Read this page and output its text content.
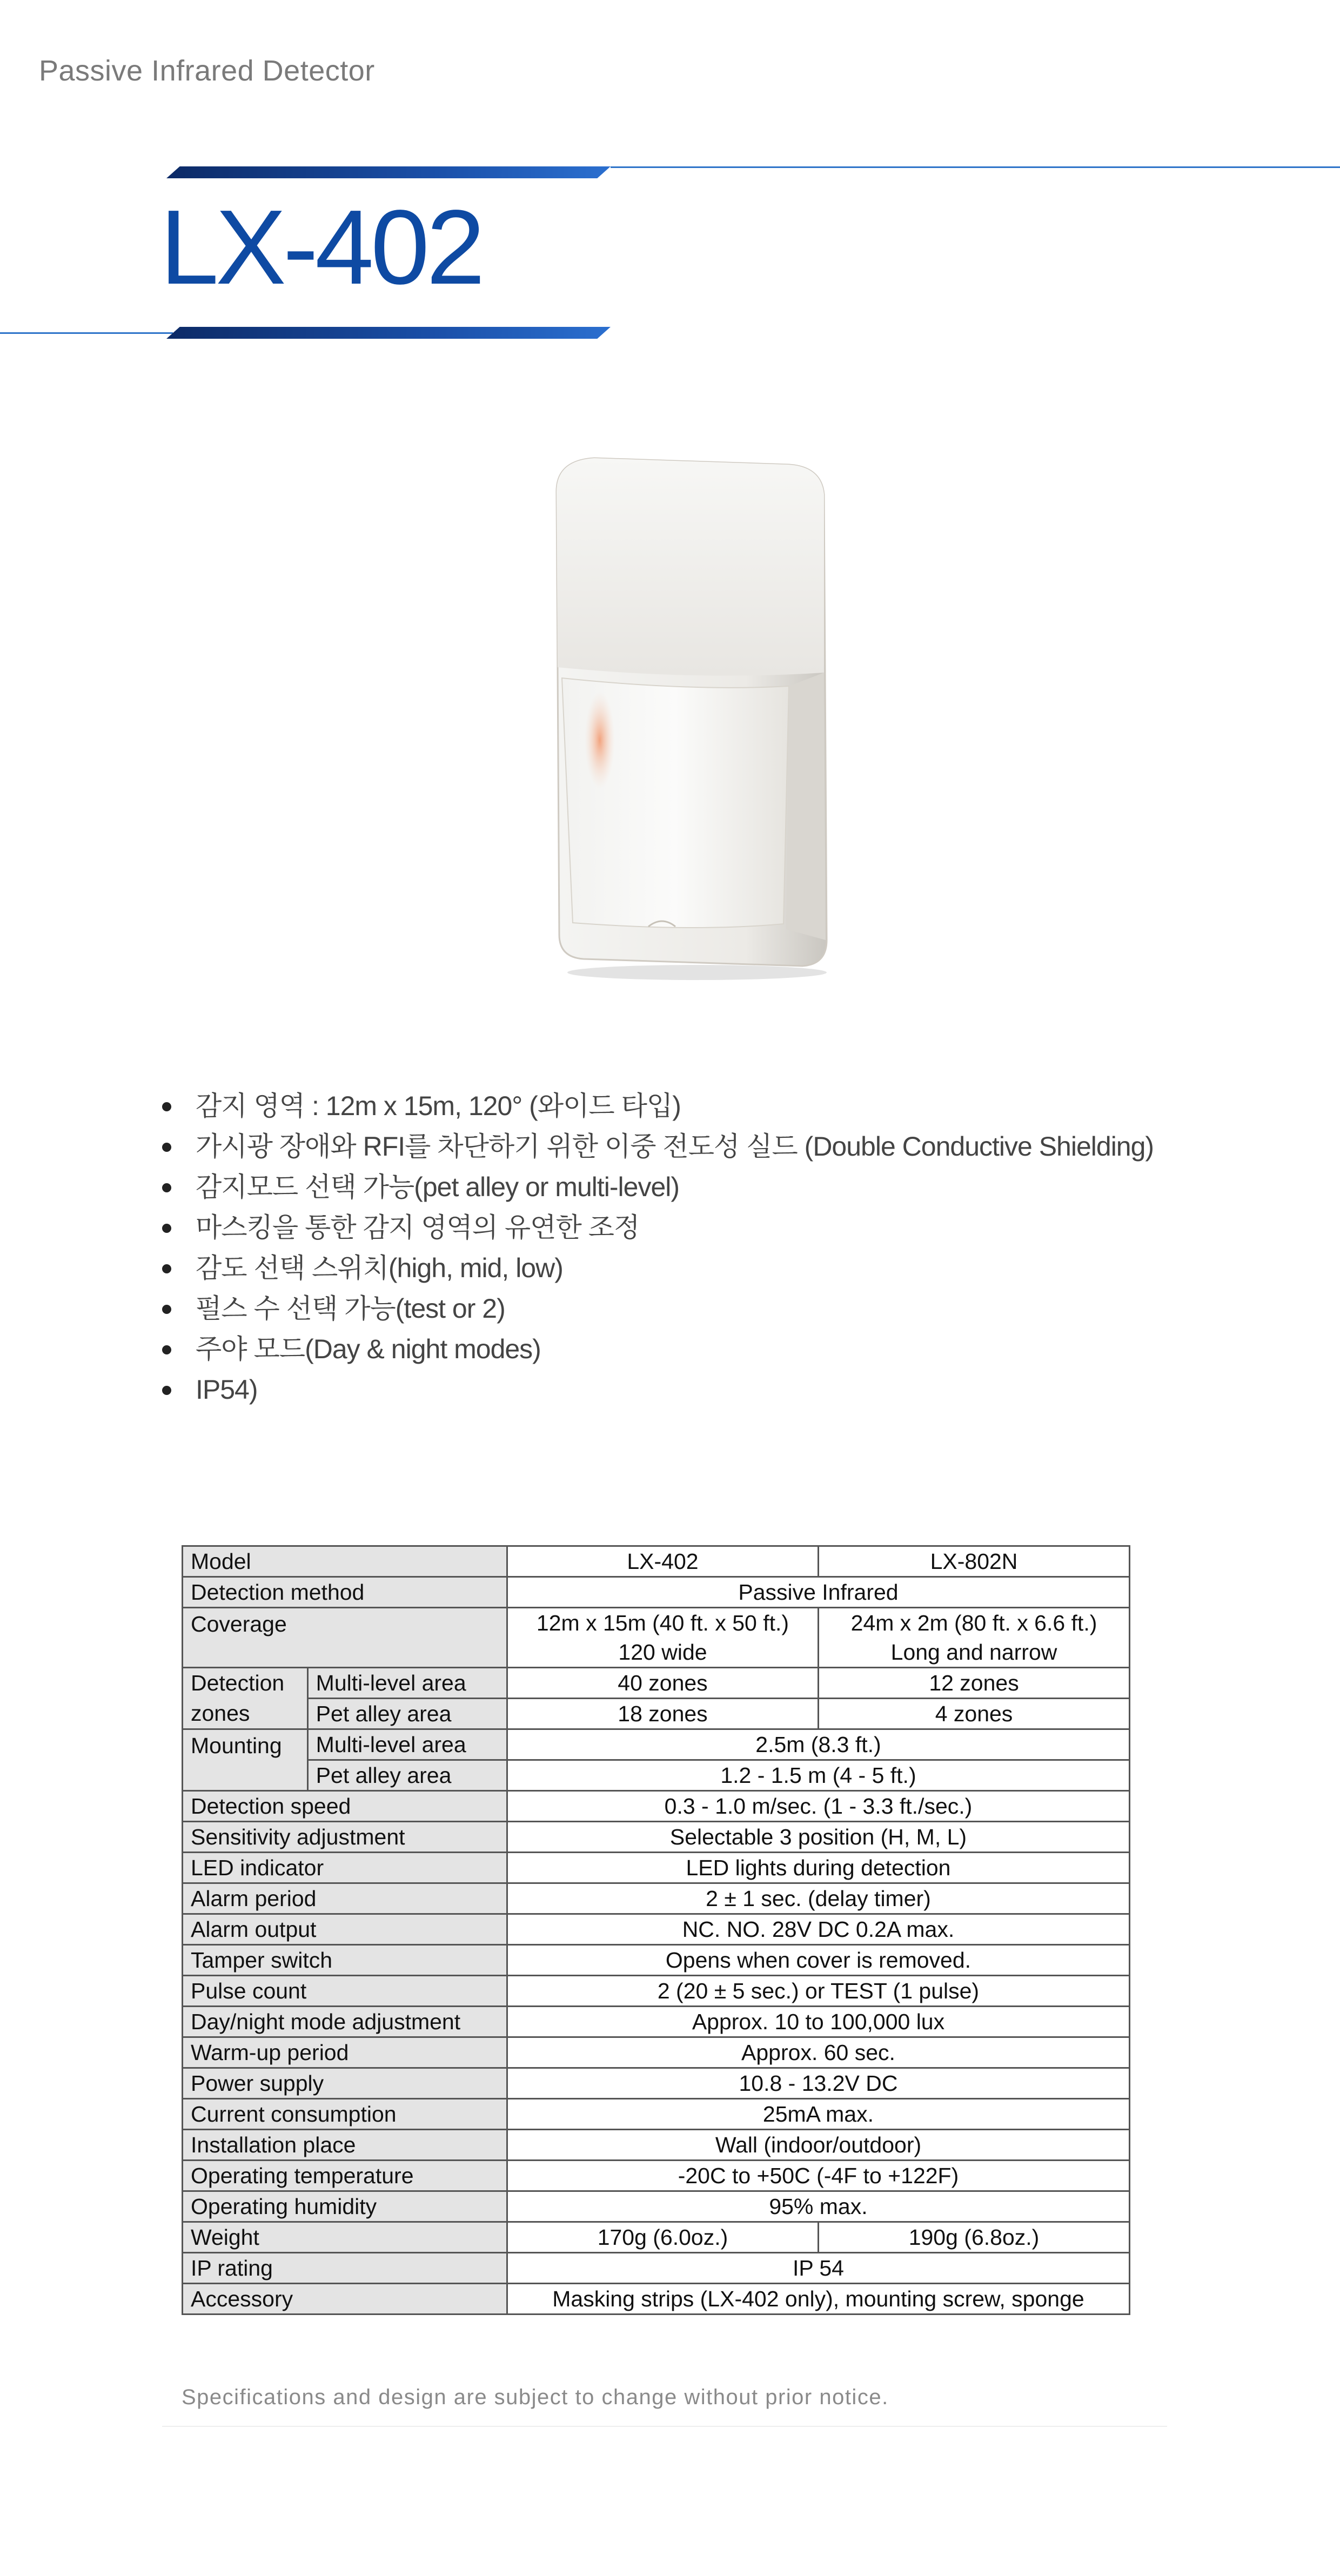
Passive Infrared Detector
LX-402
감지 영역 : 12m x 15m, 120° (와이드 타입)
가시광 장애와 RFI를 차단하기 위한 이중 전도성 실드 (Double Conductive Shielding)
감지모드 선택 가능(pet alley or multi-level)
마스킹을 통한 감지 영역의 유연한 조정
감도 선택 스위치(high, mid, low)
펄스 수 선택 가능(test or 2)
주야 모드(Day & night modes)
IP54)
Model		LX-402	LX-802N
Detection method		Passive Infrared	
Coverage		12m x 15m (40 ft. x 50 ft.)	24m x 2m (80 ft. x 6.6 ft.)
		120 wide	Long and narrow
Detection	Multi-level area	40 zones	12 zones
zones	Pet alley area	18 zones	4 zones
Mounting	Multi-level area	2.5m (8.3 ft.)	
	Pet alley area	1.2 - 1.5 m (4 - 5 ft.)	
Detection speed		0.3 - 1.0 m/sec. (1 - 3.3 ft./sec.)	
Sensitivity adjustment		Selectable 3 position (H, M, L)	
LED indicator		LED lights during detection	
Alarm period		2 ± 1 sec. (delay timer)	
Alarm output		NC. NO. 28V DC 0.2A max.	
Tamper switch		Opens when cover is removed.	
Pulse count		2 (20 ± 5 sec.) or TEST (1 pulse)	
Day/night mode adjustment		Approx. 10 to 100,000 lux	
Warm-up period		Approx. 60 sec.	
Power supply		10.8 - 13.2V DC	
Current consumption		25mA max.	
Installation place		Wall (indoor/outdoor)	
Operating temperature		-20C to +50C (-4F to +122F)	
Operating humidity		95% max.	
Weight		170g (6.0oz.)	190g (6.8oz.)
IP rating		IP 54	
Accessory		Masking strips (LX-402 only), mounting screw, sponge	
Specifications and design are subject to change without prior notice.
